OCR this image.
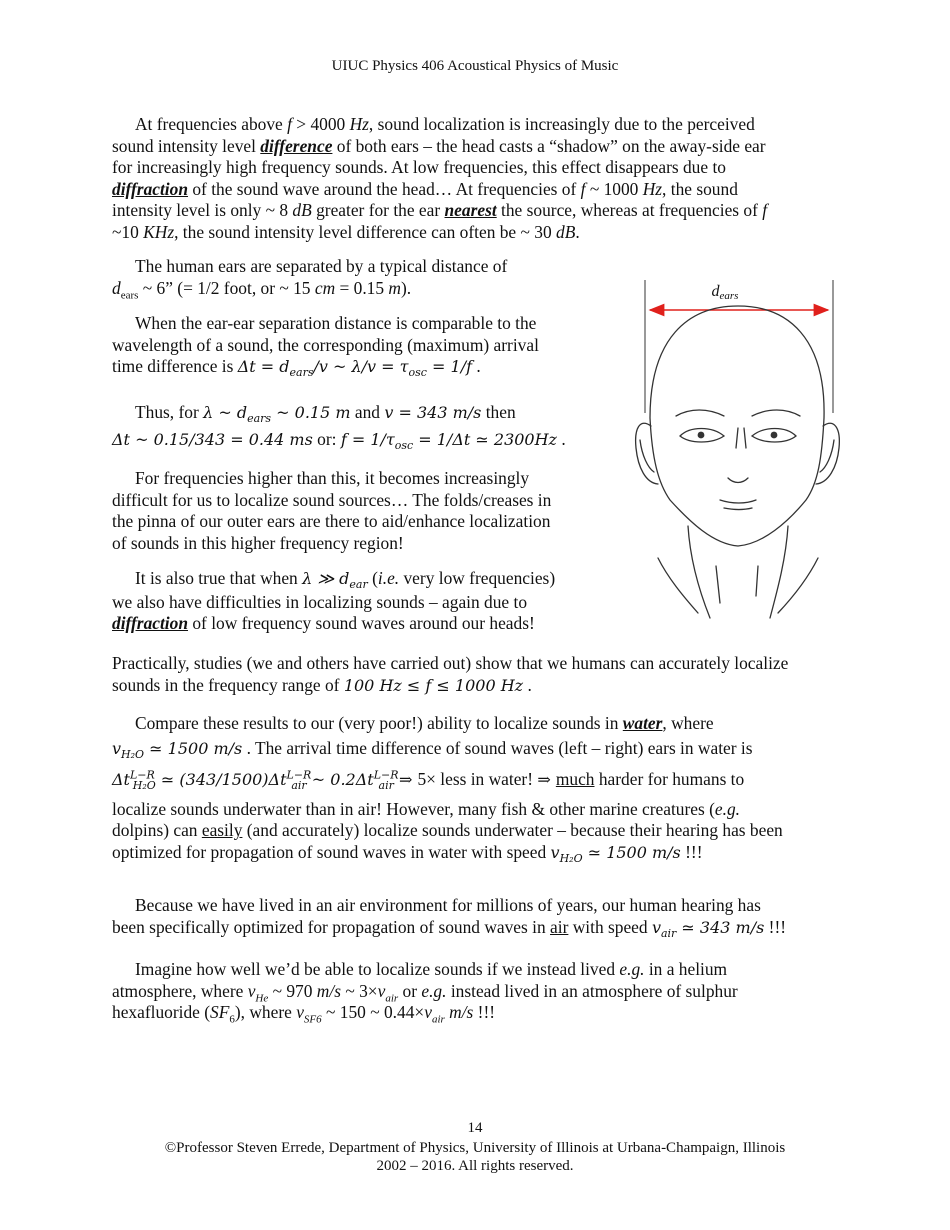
UIUC Physics 406 Acoustical Physics of Music
At frequencies above f > 4000 Hz, sound localization is increasingly due to the perceived
sound intensity level difference of both ears – the head casts a “shadow” on the away-side ear
for increasingly high frequency sounds. At low frequencies, this effect disappears due to
diffraction of the sound wave around the head… At frequencies of f ~ 1000 Hz, the sound
intensity level is only ~ 8 dB greater for the ear nearest the source, whereas at frequencies of f
~10 KHz, the sound intensity level difference can often be ~ 30 dB.
The human ears are separated by a typical distance of
$d_{ears}$ ~ 6” (= 1/2 foot, or ~ 15 cm = 0.15 m).
When the ear-ear separation distance is comparable to the
wavelength of a sound, the corresponding (maximum) arrival
time difference is $\Delta t = d_{ears}/v$ ~ $\lambda/v = \tau_{osc} = 1/f$ .
Thus, for λ ~ $d_{ears}$ ~ 0.15 m and v = 343 m/s then
Δt ~ 0.15/343 = 0.44 ms or: $f = 1/\tau_{osc} = 1/\Delta t$ ≃ 2300Hz .
For frequencies higher than this, it becomes increasingly
difficult for us to localize sound sources… The folds/creases in
the pinna of our outer ears are there to aid/enhance localization
of sounds in this higher frequency region!
It is also true that when λ ≫ $d_{ear}$ (i.e. very low frequencies)
we also have difficulties in localizing sounds – again due to
diffraction of low frequency sound waves around our heads!
Practically, studies (we and others have carried out) show that we humans can accurately localize
sounds in the frequency range of 100 Hz ≤ f ≤ 1000 Hz .
Compare these results to our (very poor!) ability to localize sounds in water, where
$v_{H_2O}$ ≃ 1500 m/s . The arrival time difference of sound waves (left – right) ears in water is
$\Delta t^{L-R}_{H_2O}$ ≃ $(343/1500)\Delta t^{L-R}_{air}$ ~ $0.2\Delta t^{L-R}_{air}$ ⇒ 5× less in water! ⇒ much harder for humans to
localize sounds underwater than in air! However, many fish & other marine creatures (e.g.
dolpins) can easily (and accurately) localize sounds underwater – because their hearing has been
optimized for propagation of sound waves in water with speed $v_{H_2O}$ ≃ 1500 m/s !!!
Because we have lived in an air environment for millions of years, our human hearing has
been specifically optimized for propagation of sound waves in air with speed $v_{air}$ ≃ 343 m/s !!!
Imagine how well we’d be able to localize sounds if we instead lived e.g. in a helium
atmosphere, where $v_{He}$ ~ 970 m/s ~ $3\times v_{air}$ or e.g. instead lived in an atmosphere of sulphur
hexafluoride $(SF_6)$, where $v_{SF6}$ ~ 150 ~ $0.44\times v_{air}$ m/s !!!
dears
14
©Professor Steven Errede, Department of Physics, University of Illinois at Urbana-Champaign, Illinois
2002 – 2016. All rights reserved.
